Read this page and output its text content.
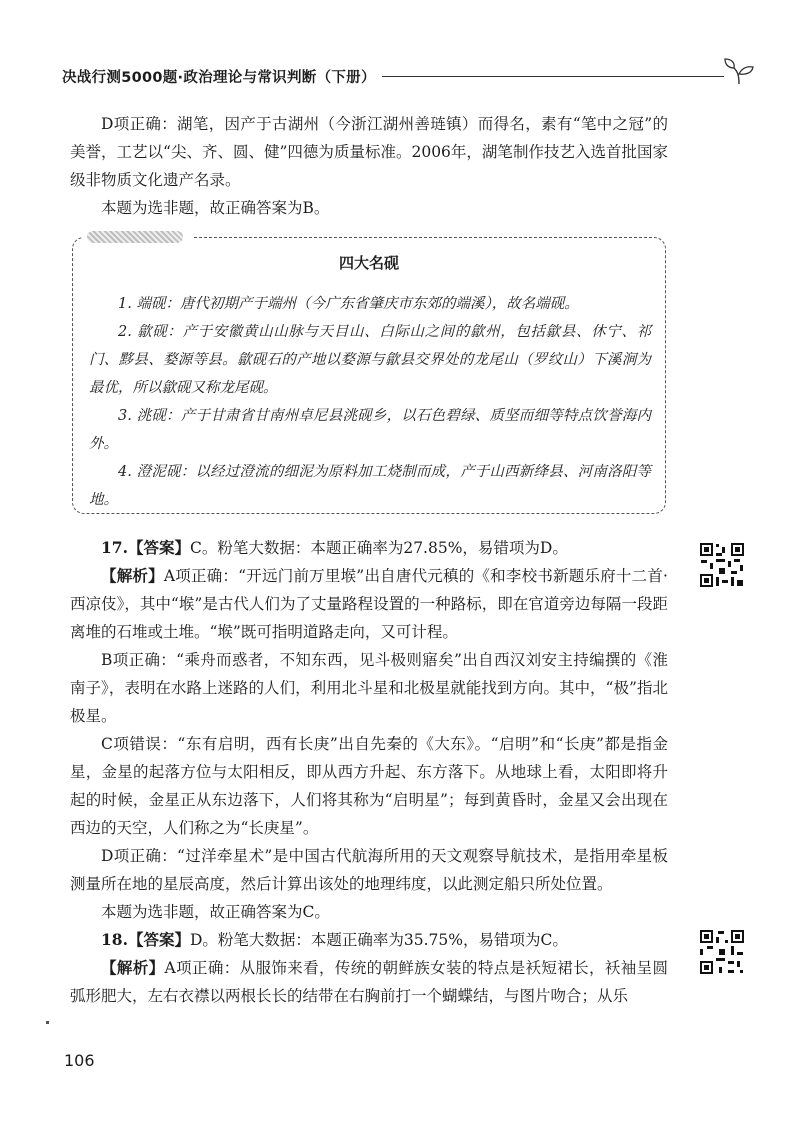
决战行测5000题·政治理论与常识判断（下册）

D项正确：湖笔，因产于古湖州（今浙江湖州善琏镇）而得名，素有“笔中之冠”的美誉，工艺以“尖、齐、圆、健”四德为质量标准。2006年，湖笔制作技艺入选首批国家级非物质文化遗产名录。

本题为选非题，故正确答案为B。

四大名砚

1. 端砚：唐代初期产于端州（今广东省肇庆市东郊的端溪），故名端砚。

2. 歙砚：产于安徽黄山山脉与天目山、白际山之间的歙州，包括歙县、休宁、祁门、黟县、婺源等县。歙砚石的产地以婺源与歙县交界处的龙尾山（罗纹山）下溪涧为最优，所以歙砚又称龙尾砚。

3. 洮砚：产于甘肃省甘南州卓尼县洮砚乡，以石色碧绿、质坚而细等特点饮誉海内外。

4. 澄泥砚：以经过澄流的细泥为原料加工烧制而成，产于山西新绛县、河南洛阳等地。

17.【答案】C。粉笔大数据：本题正确率为27.85%，易错项为D。

【解析】A项正确：“开远门前万里堠”出自唐代元稹的《和李校书新题乐府十二首·西凉伎》，其中“堠”是古代人们为了丈量路程设置的一种路标，即在官道旁边每隔一段距离堆的石堆或土堆。“堠”既可指明道路走向，又可计程。

B项正确：“乘舟而惑者，不知东西，见斗极则寤矣”出自西汉刘安主持编撰的《淮南子》，表明在水路上迷路的人们，利用北斗星和北极星就能找到方向。其中，“极”指北极星。

C项错误：“东有启明，西有长庚”出自先秦的《大东》。“启明”和“长庚”都是指金星，金星的起落方位与太阳相反，即从西方升起、东方落下。从地球上看，太阳即将升起的时候，金星正从东边落下，人们将其称为“启明星”；每到黄昏时，金星又会出现在西边的天空，人们称之为“长庚星”。

D项正确：“过洋牵星术”是中国古代航海所用的天文观察导航技术，是指用牵星板测量所在地的星辰高度，然后计算出该处的地理纬度，以此测定船只所处位置。

本题为选非题，故正确答案为C。

18.【答案】D。粉笔大数据：本题正确率为35.75%，易错项为C。

【解析】A项正确：从服饰来看，传统的朝鲜族女装的特点是袄短裙长，袄袖呈圆弧形肥大，左右衣襟以两根长长的结带在右胸前打一个蝴蝶结，与图片吻合；从乐

106
